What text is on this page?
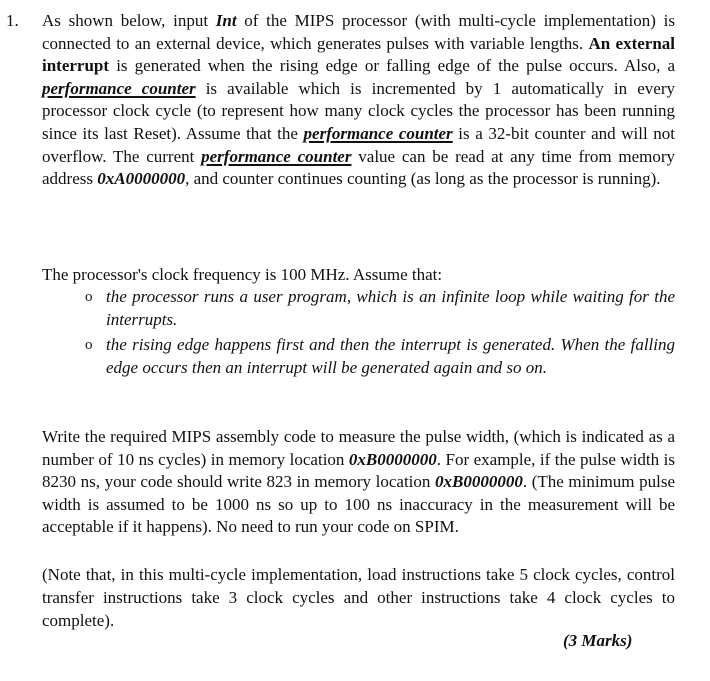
1. As shown below, input Int of the MIPS processor (with multi-cycle implementation) is connected to an external device, which generates pulses with variable lengths. An external interrupt is generated when the rising edge or falling edge of the pulse occurs. Also, a performance counter is available which is incremented by 1 automatically in every processor clock cycle (to represent how many clock cycles the processor has been running since its last Reset). Assume that the performance counter is a 32-bit counter and will not overflow. The current performance counter value can be read at any time from memory address 0xA0000000, and counter continues counting (as long as the processor is running).
The processor's clock frequency is 100 MHz. Assume that:
o the processor runs a user program, which is an infinite loop while waiting for the interrupts.
o the rising edge happens first and then the interrupt is generated. When the falling edge occurs then an interrupt will be generated again and so on.
Write the required MIPS assembly code to measure the pulse width, (which is indicated as a number of 10 ns cycles) in memory location 0xB0000000. For example, if the pulse width is 8230 ns, your code should write 823 in memory location 0xB0000000. (The minimum pulse width is assumed to be 1000 ns so up to 100 ns inaccuracy in the measurement will be acceptable if it happens). No need to run your code on SPIM.
(Note that, in this multi-cycle implementation, load instructions take 5 clock cycles, control transfer instructions take 3 clock cycles and other instructions take 4 clock cycles to complete).
(3 Marks)
